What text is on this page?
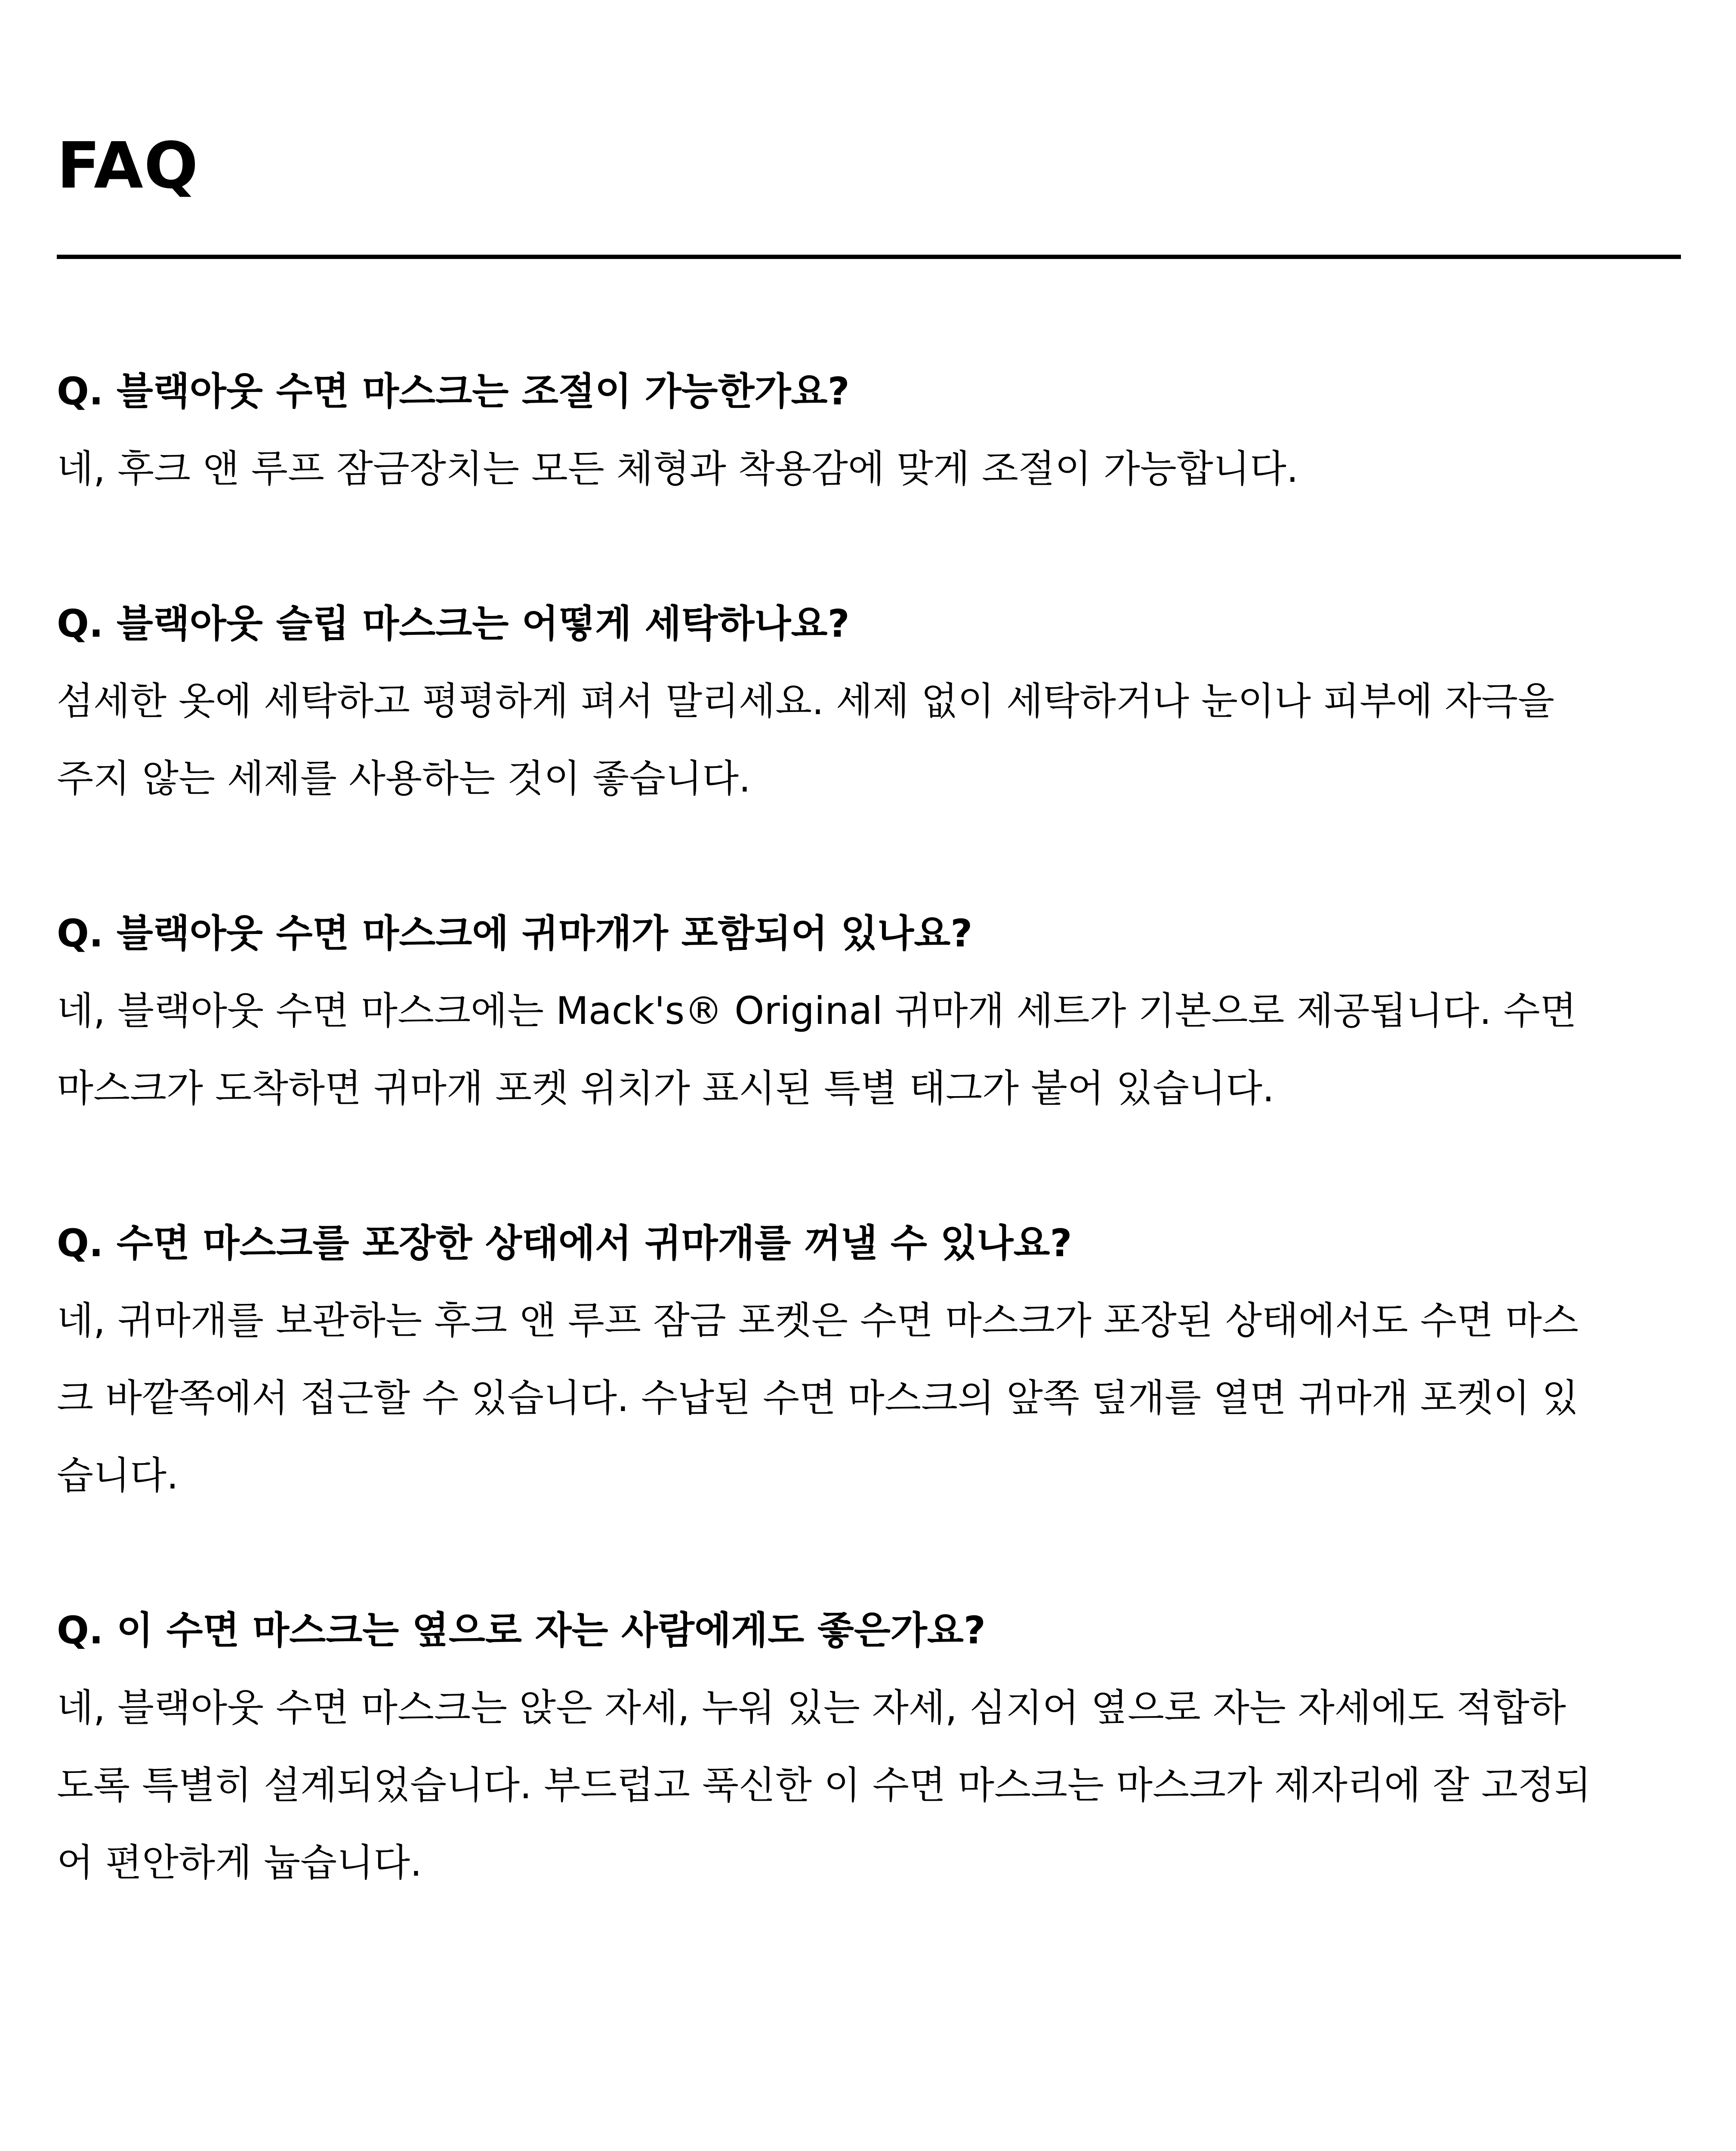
FAQ

Q. 블랙아웃 수면 마스크는 조절이 가능한가요?

네, 후크 앤 루프 잠금장치는 모든 체형과 착용감에 맞게 조절이 가능합니다.

Q. 블랙아웃 슬립 마스크는 어떻게 세탁하나요?

섬세한 옷에 세탁하고 평평하게 펴서 말리세요. 세제 없이 세탁하거나 눈이나 피부에 자극을
주지 않는 세제를 사용하는 것이 좋습니다.

Q. 블랙아웃 수면 마스크에 귀마개가 포함되어 있나요?

네, 블랙아웃 수면 마스크에는 Mack's® Original 귀마개 세트가 기본으로 제공됩니다. 수면
마스크가 도착하면 귀마개 포켓 위치가 표시된 특별 태그가 붙어 있습니다.

Q. 수면 마스크를 포장한 상태에서 귀마개를 꺼낼 수 있나요?

네, 귀마개를 보관하는 후크 앤 루프 잠금 포켓은 수면 마스크가 포장된 상태에서도 수면 마스
크 바깥쪽에서 접근할 수 있습니다. 수납된 수면 마스크의 앞쪽 덮개를 열면 귀마개 포켓이 있
습니다.

Q. 이 수면 마스크는 옆으로 자는 사람에게도 좋은가요?

네, 블랙아웃 수면 마스크는 앉은 자세, 누워 있는 자세, 심지어 옆으로 자는 자세에도 적합하
도록 특별히 설계되었습니다. 부드럽고 푹신한 이 수면 마스크는 마스크가 제자리에 잘 고정되
어 편안하게 눕습니다.
